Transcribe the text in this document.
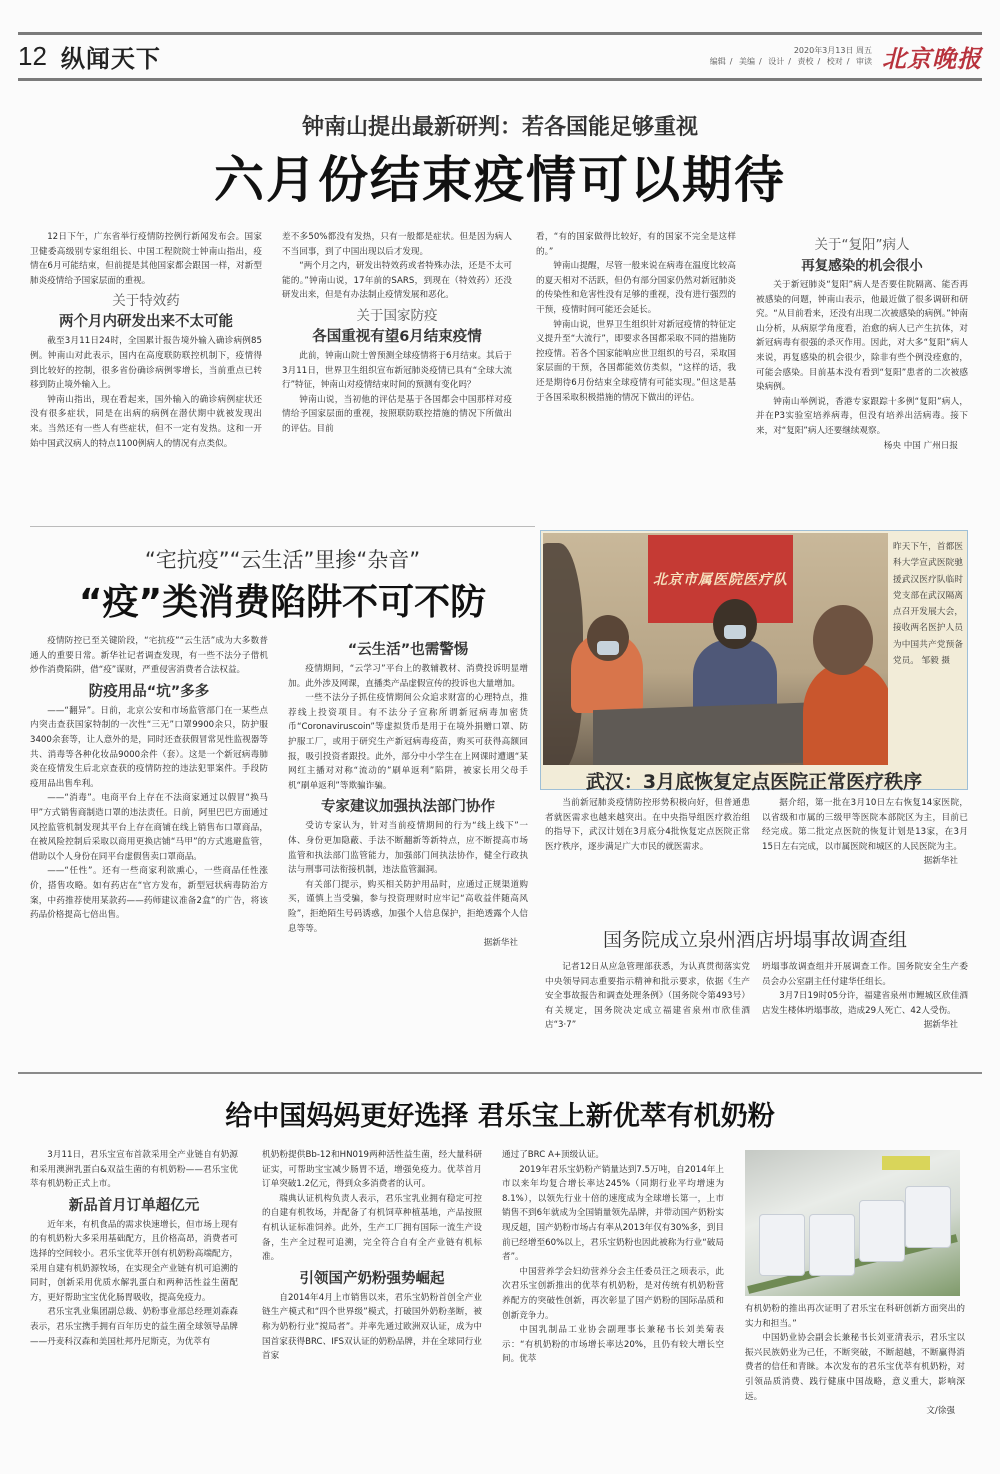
12 纵闻天下	2020年3月13日 周五
编辑 / 美编 / 设计 / 责校 / 校对 / 审读 北京晚报
钟南山提出最新研判：若各国能足够重视
六月份结束疫情可以期待

12日下午，广东省举行疫情防控例行新闻发布会。国家卫健委高级别专家组组长、中国工程院院士钟南山指出，疫情在6月可能结束，但前提是其他国家都会跟国一样，对新型肺炎疫情给予国家层面的重视。

关于特效药
两个月内研发出来不太可能

截至3月11日24时，全国累计报告境外输入确诊病例85例。钟南山对此表示，国内在高度联防联控机制下，疫情得到比较好的控制，很多省份确诊病例零增长，当前重点已转移到防止境外输入上。

钟南山指出，现在看起来，国外输入的确诊病例症状还没有很多症状，同是在出病的病例在潜伏期中就被发现出来。当然还有一些人有些症状，但不一定有发热。这和一开始中国武汉病人的特点1100例病人的情况有点类似。

差不多50%都没有发热，只有一般都是症状。但是因为病人不当回事，到了中国出现以后才发现。

“两个月之内，研发出特效药或者特殊办法，还是不太可能的。”钟南山说，17年前的SARS，到现在（特效药）还没研发出来，但是有办法制止疫情发展和恶化。

关于国家防疫
各国重视有望6月结束疫情

此前，钟南山院士曾预测全球疫情将于6月结束。其后于3月11日，世界卫生组织宣布新冠肺炎疫情已具有“全球大流行”特征，钟南山对疫情结束时间的预测有变化吗？

钟南山说，当初他的评估是基于各国都会中国那样对疫情给予国家层面的重视，按照联防联控措施的情况下所做出的评估。目前

看，“有的国家做得比较好，有的国家不完全是这样的。”

钟南山提醒，尽管一般来说在病毒在温度比较高的夏天相对不活跃，但仍有部分国家仍然对新冠肺炎的传染性和危害性没有足够的重视，没有进行强烈的干预，疫情时间可能还会延长。

钟南山说，世界卫生组织针对新冠疫情的特征定义提升至“大流行”，即要求各国都采取不同的措施防控疫情。若各个国家能响应世卫组织的号召，采取国家层面的干预，各国都能效仿类似，“这样的话，我还是期待6月份结束全球疫情有可能实现。”但这是基于各国采取积极措施的情况下做出的评估。

关于“复阳”病人
再复感染的机会很小

关于新冠肺炎“复阳”病人是否要住院隔离、能否再被感染的问题，钟南山表示，他最近做了很多调研和研究。“从目前看来，还没有出现二次被感染的病例。”钟南山分析，从病原学角度看，治愈的病人已产生抗体，对新冠病毒有很强的杀灭作用。因此，对大多“复阳”病人来说，再复感染的机会很少，除非有些个例没痊愈的，可能会感染。目前基本没有看到“复阳”患者的二次被感染病例。

钟南山举例说，香港专家跟踪十多例“复阳”病人，并在P3实验室培养病毒，但没有培养出活病毒。接下来，对“复阳”病人还要继续观察。

杨央 中国 广州日报
“宅抗疫”“云生活”里掺“杂音”
“疫”类消费陷阱不可不防

疫情防控已至关键阶段，“宅抗疫”“云生活”成为大多数普通人的重要日常。新华社记者调查发现，有一些不法分子借机炒作消费陷阱，借“疫”谋财，严重侵害消费者合法权益。

防疫用品“坑”多多

——“翻异”。日前，北京公安和市场监管部门在一某些点内突击查获国家特制的一次性“三无”口罩9900余只，防护服3400余套等，让人意外的是，同时还查获假冒常见性监视器等共、消毒等各种化妆品9000余件（套）。这是一个新冠病毒肺炎在疫情发生后北京查获的疫情防控的违法犯罪案件。手段防疫用品出售牟利。

——“消毒”。电商平台上存在不法商家通过以假冒“换马甲”方式销售商制造口罩的违法责任。日前，阿里巴巴方面通过风控监管机制发现其平台上存在商铺在线上销售布口罩商品，在被风险控制后采取以商用更换店铺“马甲”的方式逃避监管，借助以个人身份在同平台虚假售卖口罩商品。

——“任性”。还有一些商家利欲熏心，一些商品任性涨价，搭售攻略。如有药店在“官方发布，新型冠状病毒防治方案，中药推荐使用某款药——药师建议准备2盒”的广告，将该药品价格提高七倍出售。

“云生活”也需警惕

疫情期间，“云学习”平台上的教辅教材、消费投诉明显增加。此外涉及网课，直播类产品虚假宣传的投诉也大量增加。

一些不法分子抓住疫情期间公众追求财富的心理特点，推荐线上投资项目。有不法分子宣称所谓新冠病毒加密货币“Coronaviruscoin”等虚拟货币是用于在境外捐赠口罩、防护服工厂，或用于研究生产新冠病毒疫苗，购买可获得高额回报，吸引投资者跟投。此外，部分中小学生在上网课时遭遇“某网红主播对对称“流动的”刷单返利”陷阱，被家长用父母手机“刷单返利”等欺骗诈骗。

专家建议加强执法部门协作

受访专家认为，针对当前疫情期间的行为“线上线下”一体、身份更加隐蔽、手法不断翻新等新特点，应不断提高市场监管和执法部门监管能力，加强部门间执法协作，健全行政执法与刑事司法衔接机制，违法监管漏洞。

有关部门提示，购买相关防护用品时，应通过正规渠道购买，谨慎上当受骗，参与投资理财时应牢记“高收益伴随高风险”，拒绝陌生号码诱惑，加强个人信息保护，拒绝透露个人信息等等。

据新华社
北京市属医院医疗队
昨天下午，首都医科大学宣武医院驰援武汉医疗队临时党支部在武汉隔离点召开发展大会，接收两名医护人员为中国共产党预备党员。 邹毅 摄
武汉：3月底恢复定点医院正常医疗秩序

当前新冠肺炎疫情防控形势积极向好，但普通患者就医需求也越来越突出。在中央指导组医疗救治组的指导下，武汉计划在3月底分4批恢复定点医院正常医疗秩序，逐步满足广大市民的就医需求。

据介绍，第一批在3月10日左右恢复14家医院，以省级和市属的三级甲等医院本部院区为主，目前已经完成。第二批定点医院的恢复计划是13家，在3月15日左右完成，以市属医院和城区的人民医院为主。

据新华社
国务院成立泉州酒店坍塌事故调查组

记者12日从应急管理部获悉，为认真贯彻落实党中央领导同志重要指示精神和批示要求，依据《生产安全事故报告和调查处理条例》（国务院令第493号）有关规定，国务院决定成立福建省泉州市欣佳酒店“3·7”

坍塌事故调查组并开展调查工作。国务院安全生产委员会办公室副主任付建华任组长。

3月7日19时05分许，福建省泉州市鲤城区欣佳酒店发生楼体坍塌事故，造成29人死亡、42人受伤。

据新华社
给中国妈妈更好选择 君乐宝上新优萃有机奶粉

3月11日，君乐宝宣布首款采用全产业链自有奶源和采用澳洲乳蛋白&双益生菌的有机奶粉——君乐宝优萃有机奶粉正式上市。

新品首月订单超亿元

近年来，有机食品的需求快速增长，但市场上现有的有机奶粉大多采用基础配方，且价格高昂，消费者可选择的空间较小。君乐宝优萃开创有机奶粉高端配方，采用自建有机奶源牧场，在实现全产业链有机可追溯的同时，创新采用优质水解乳蛋白和两种活性益生菌配方，更好帮助宝宝优化肠胃吸收，提高免疫力。

君乐宝乳业集团副总裁、奶粉事业部总经理刘森森表示，君乐宝携手拥有百年历史的益生菌全球领导品牌——丹麦科汉森和美国杜邦丹尼斯克，为优萃有

机奶粉提供Bb-12和HN019两种活性益生菌，经大量科研证实，可帮助宝宝减少肠胃不适，增强免疫力。优萃首月订单突破1.2亿元，得到众多消费者的认可。

瑞典认证机构负责人表示，君乐宝乳业拥有稳定可控的自建有机牧场，并配备了有机饲草种植基地，产品按照有机认证标准饲养。此外，生产工厂拥有国际一流生产设备，生产全过程可追溯，完全符合自有全产业链有机标准。

引领国产奶粉强势崛起

自2014年4月上市销售以来，君乐宝奶粉首创全产业链生产模式和“四个世界级”模式，打破国外奶粉垄断，被称为奶粉行业“搅局者”。并率先通过欧洲双认证，成为中国首家获得BRC、IFS双认证的奶粉品牌，并在全球同行业首家

通过了BRC A+顶级认证。

2019年君乐宝奶粉产销量达到7.5万吨，自2014年上市以来年均复合增长率达245%（同期行业平均增速为8.1%），以领先行业十倍的速度成为全球增长第一，上市销售不到6年就成为全国销量领先品牌，并带动国产奶粉实现反超，国产奶粉市场占有率从2013年仅有30%多，到目前已经增至60%以上，君乐宝奶粉也因此被称为行业“破局者”。

中国营养学会妇幼营养分会主任委员汪之顼表示，此次君乐宝创新推出的优萃有机奶粉，是对传统有机奶粉营养配方的突破性创新，再次彰显了国产奶粉的国际品质和创新竞争力。

中国乳制品工业协会副理事长兼秘书长刘美菊表示：“有机奶粉的市场增长率达20%，且仍有较大增长空间。优萃

有机奶粉的推出再次证明了君乐宝在科研创新方面突出的实力和担当。”

中国奶业协会副会长兼秘书长刘亚清表示，君乐宝以振兴民族奶业为己任，不断突破，不断超越，不断赢得消费者的信任和青睐。本次发布的君乐宝优萃有机奶粉，对引领品质消费、践行健康中国战略，意义重大，影响深远。

文/徐强
